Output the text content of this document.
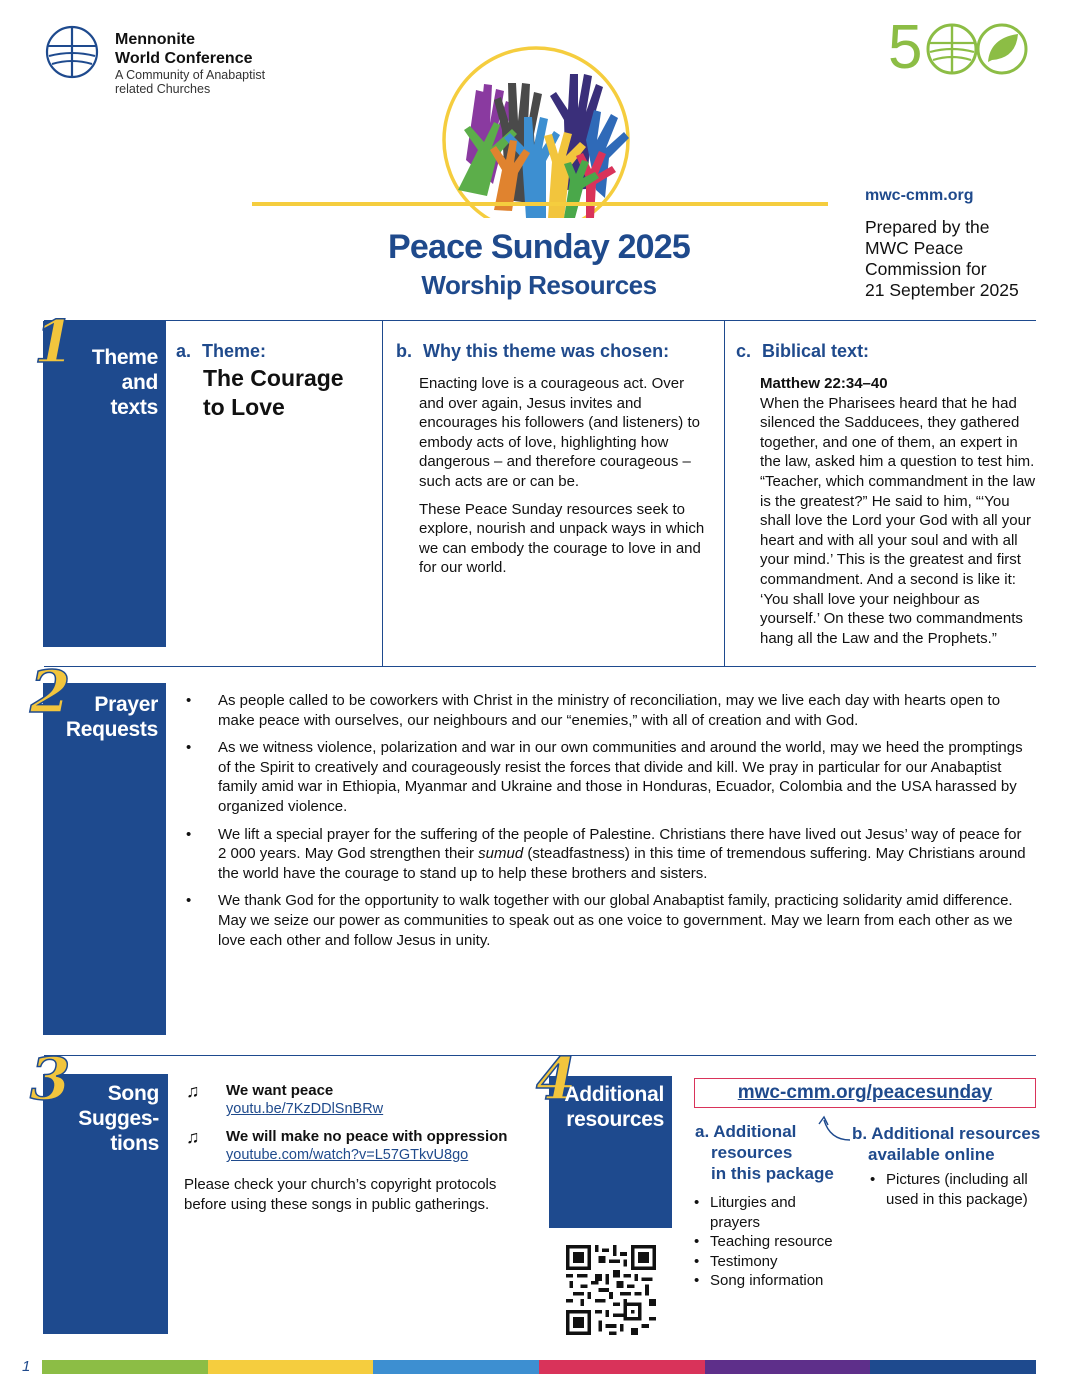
Mennonite
World Conference
A Community of Anabaptist
related Churches
5
mwc-cmm.org
Prepared by the
MWC Peace
Commission for
21 September 2025
Peace Sunday 2025
Worship Resources
1 Theme
and
texts
a. Theme:
The Courage
to Love
b. Why this theme was chosen:
Enacting love is a courageous act. Over and over again, Jesus invites and encourages his followers (and listeners) to embody acts of love, highlighting how dangerous – and therefore courageous – such acts are or can be.
These Peace Sunday resources seek to explore, nourish and unpack ways in which we can embody the courage to love in and for our world.
c. Biblical text:
Matthew 22:34–40
When the Pharisees heard that he had silenced the Sadducees, they gathered together, and one of them, an expert in the law, asked him a question to test him. “Teacher, which commandment in the law is the greatest?” He said to him, “‘You shall love the Lord your God with all your heart and with all your soul and with all your mind.’ This is the greatest and first commandment. And a second is like it: ‘You shall love your neighbour as yourself.’ On these two commandments hang all the Law and the Prophets.”
2	Prayer
Requests
• As people called to be coworkers with Christ in the ministry of reconciliation, may we live each day with hearts open to make peace with ourselves, our neighbours and our “enemies,” with all of creation and with God.
• As we witness violence, polarization and war in our own communities and around the world, may we heed the promptings of the Spirit to creatively and courageously resist the forces that divide and kill. We pray in particular for our Anabaptist family amid war in Ethiopia, Myanmar and Ukraine and those in Honduras, Ecuador, Colombia and the USA harassed by organized violence.
• We lift a special prayer for the suffering of the people of Palestine. Christians there have lived out Jesus’ way of peace for 2 000 years. May God strengthen their sumud (steadfastness) in this time of tremendous suffering. May Christians around the world have the courage to stand up to help these brothers and sisters.
• We thank God for the opportunity to walk together with our global Anabaptist family, practicing solidarity amid difference. May we seize our power as communities to speak out as one voice to government. May we learn from each other as we love each other and follow Jesus in unity.
3	Song
Sugges-
tions
♫ We want peace
youtu.be/7KzDDlSnBRw
♫ We will make no peace with oppression
youtube.com/watch?v=L57GTkvU8go
Please check your church’s copyright protocols before using these songs in public gatherings.
4
Additional
resources
mwc-cmm.org/peacesunday
a. Additional
resources
in this package
• Liturgies and prayers
• Teaching resource
• Testimony
• Song information
b. Additional resources
available online
• Pictures (including all used in this package)
1
